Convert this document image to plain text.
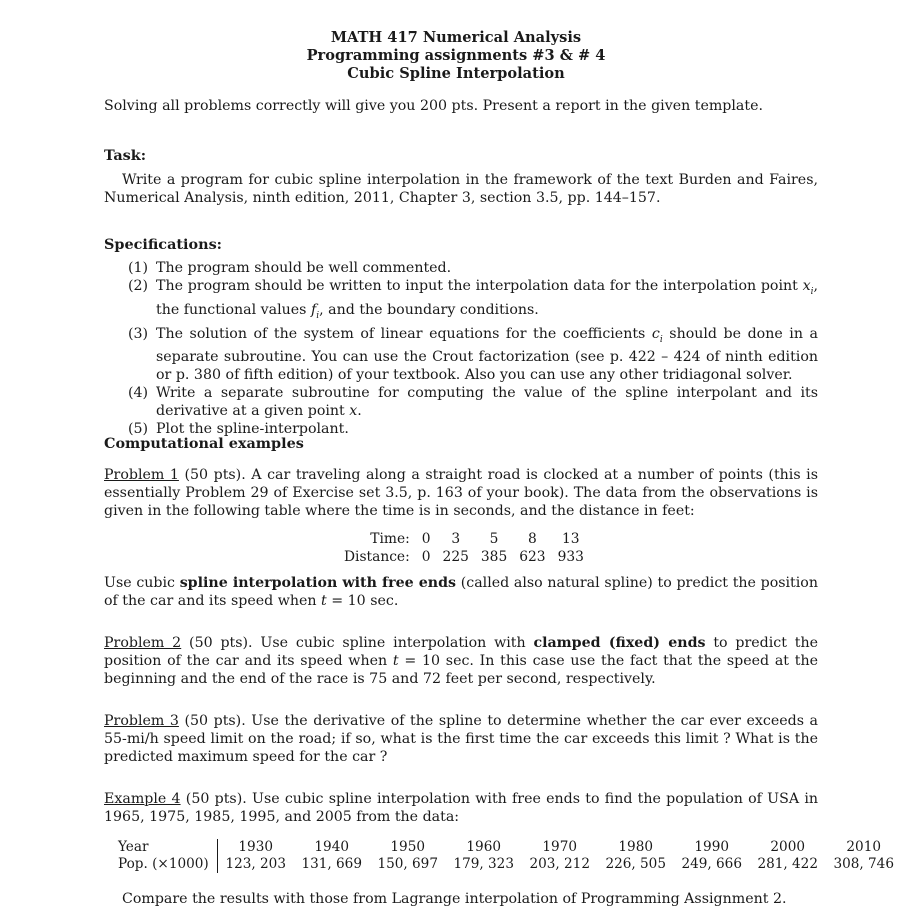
MATH 417 Numerical Analysis
Programming assignments #3 & # 4
Cubic Spline Interpolation
Solving all problems correctly will give you 200 pts. Present a report in the given template.
Task:
Write a program for cubic spline interpolation in the framework of the text Burden and Faires, Numerical Analysis, ninth edition, 2011, Chapter 3, section 3.5, pp. 144–157.
Specifications:
(1) The program should be well commented.
(2) The program should be written to input the interpolation data for the interpolation point $x_i$, the functional values $f_i$, and the boundary conditions.
(3) The solution of the system of linear equations for the coefficients $c_i$ should be done in a separate subroutine. You can use the Crout factorization (see p. 422 – 424 of ninth edition or p. 380 of fifth edition) of your textbook. Also you can use any other tridiagonal solver.
(4) Write a separate subroutine for computing the value of the spline interpolant and its derivative at a given point x.
(5) Plot the spline-interpolant.
Computational examples
Problem 1 (50 pts). A car traveling along a straight road is clocked at a number of points (this is essentially Problem 29 of Exercise set 3.5, p. 163 of your book). The data from the observations is given in the following table where the time is in seconds, and the distance in feet:
Time:	0	3	5	8	13
Distance:	0	225	385	623	933
Use cubic spline interpolation with free ends (called also natural spline) to predict the position of the car and its speed when t = 10 sec.
Problem 2 (50 pts). Use cubic spline interpolation with clamped (fixed) ends to predict the position of the car and its speed when t = 10 sec. In this case use the fact that the speed at the beginning and the end of the race is 75 and 72 feet per second, respectively.
Problem 3 (50 pts). Use the derivative of the spline to determine whether the car ever exceeds a 55-mi/h speed limit on the road; if so, what is the first time the car exceeds this limit ? What is the predicted maximum speed for the car ?
Example 4 (50 pts). Use cubic spline interpolation with free ends to find the population of USA in 1965, 1975, 1985, 1995, and 2005 from the data:
Year	1930	1940	1950	1960	1970	1980	1990	2000	2010
Pop. (×1000)	123, 203	131, 669	150, 697	179, 323	203, 212	226, 505	249, 666	281, 422	308, 746
Compare the results with those from Lagrange interpolation of Programming Assignment 2.
